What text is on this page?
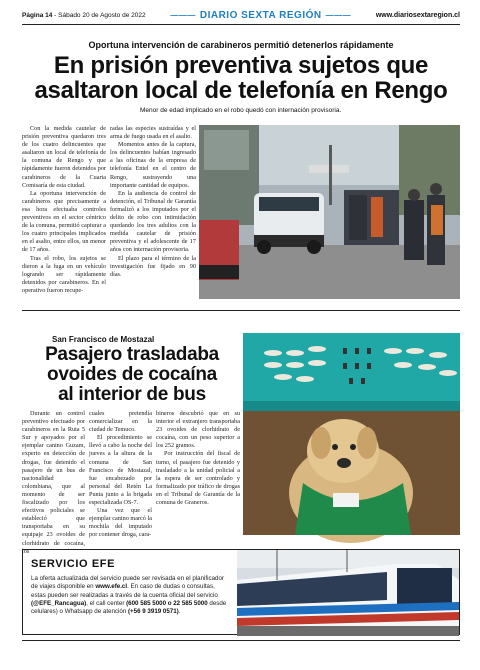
Página 14 - Sábado 20 de Agosto de 2022	——— DIARIO SEXTA REGIÓN ———	www.diariosextaregion.cl
Oportuna intervención de carabineros permitió detenerlos rápidamente
En prisión preventiva sujetos que
asaltaron local de telefonía en Rengo
Menor de edad implicado en el robo quedó con internación provisoria.

Con la medida cautelar de prisión preventiva quedaron tres de los cuatro delincuentes que asaltaron un local de telefonía de la comuna de Rengo y que rápidamente fueron detenidos por carabineros de la Cuarta Comisaría de esta ciudad.

La oportuna intervención de carabineros que precisamente a esa hora efectuaba controles preventivos en el sector céntrico de la comuna, permitió capturar a los cuatro principales implicados en el asalto, entre ellos, un menor de 17 años.

Tras el robo, los sujetos se dieron a la fuga en un vehículo logrando ser rápidamente detenidos por carabineros. En el operativo fueron recupe-

radas las especies sustraídas y el arma de fuego usada en el asalto.

Momentos antes de la captura, los delincuentes habían ingresado a las oficinas de la empresa de telefonía Entel en el centro de Rengo, sustrayendo una importante cantidad de equipos.

En la audiencia de control de detención, el Tribunal de Garantía formalizó a los imputados por el delito de robo con intimidación quedando los tres adultos con la medida cautelar de prisión preventiva y el adolescente de 17 años con internación provisoria.

El plazo para el término de la investigación fue fijado en 90 días.

San Francisco de Mostazal
Pasajero trasladaba
ovoides de cocaína
al interior de bus

Durante un control preventivo efectuado por carabineros en la Ruta 5 Sur y apoyados por el ejemplar canino Guzam, experto en detección de drogas, fue detenido el pasajero de un bus de nacionalidad colombiana, que al momento de ser fiscalizado por los efectivos policiales se estableció que transportaba en su equipaje 23 ovoides de clorhidrato de cocaína, los

cuales pretendía comercializar en la ciudad de Temuco.

El procedimiento se llevó a cabo la noche del jueves a la altura de la comuna de San Francisco de Mostazal, fue encabezado por personal del Retén La Punta junto a la brigada especializada OS-7.

Una vez que el ejemplar canino marcó la mochila del imputado por contener droga, cara-

bineros descubrió que en su interior el extranjero transportaba 23 ovoides de clorhidrato de cocaína, con un peso superior a los 252 gramos.

Por instrucción del fiscal de turno, el pasajero fue detenido y trasladado a la unidad policial a la espera de ser controlado y formalizado por tráfico de drogas en el Tribunal de Garantía de la comuna de Graneros.

SERVICIO EFE
La oferta actualizada del servicio puede ser revisada en el planificador de viajes disponible en www.efe.cl. En caso de dudas o consultas, estas pueden ser realizadas a través de la cuenta oficial del servicio (@EFE_Rancagua), el call center (600 585 5000 o 22 585 5000 desde celulares) o Whatsapp de atención (+56 9 3919 0571).
